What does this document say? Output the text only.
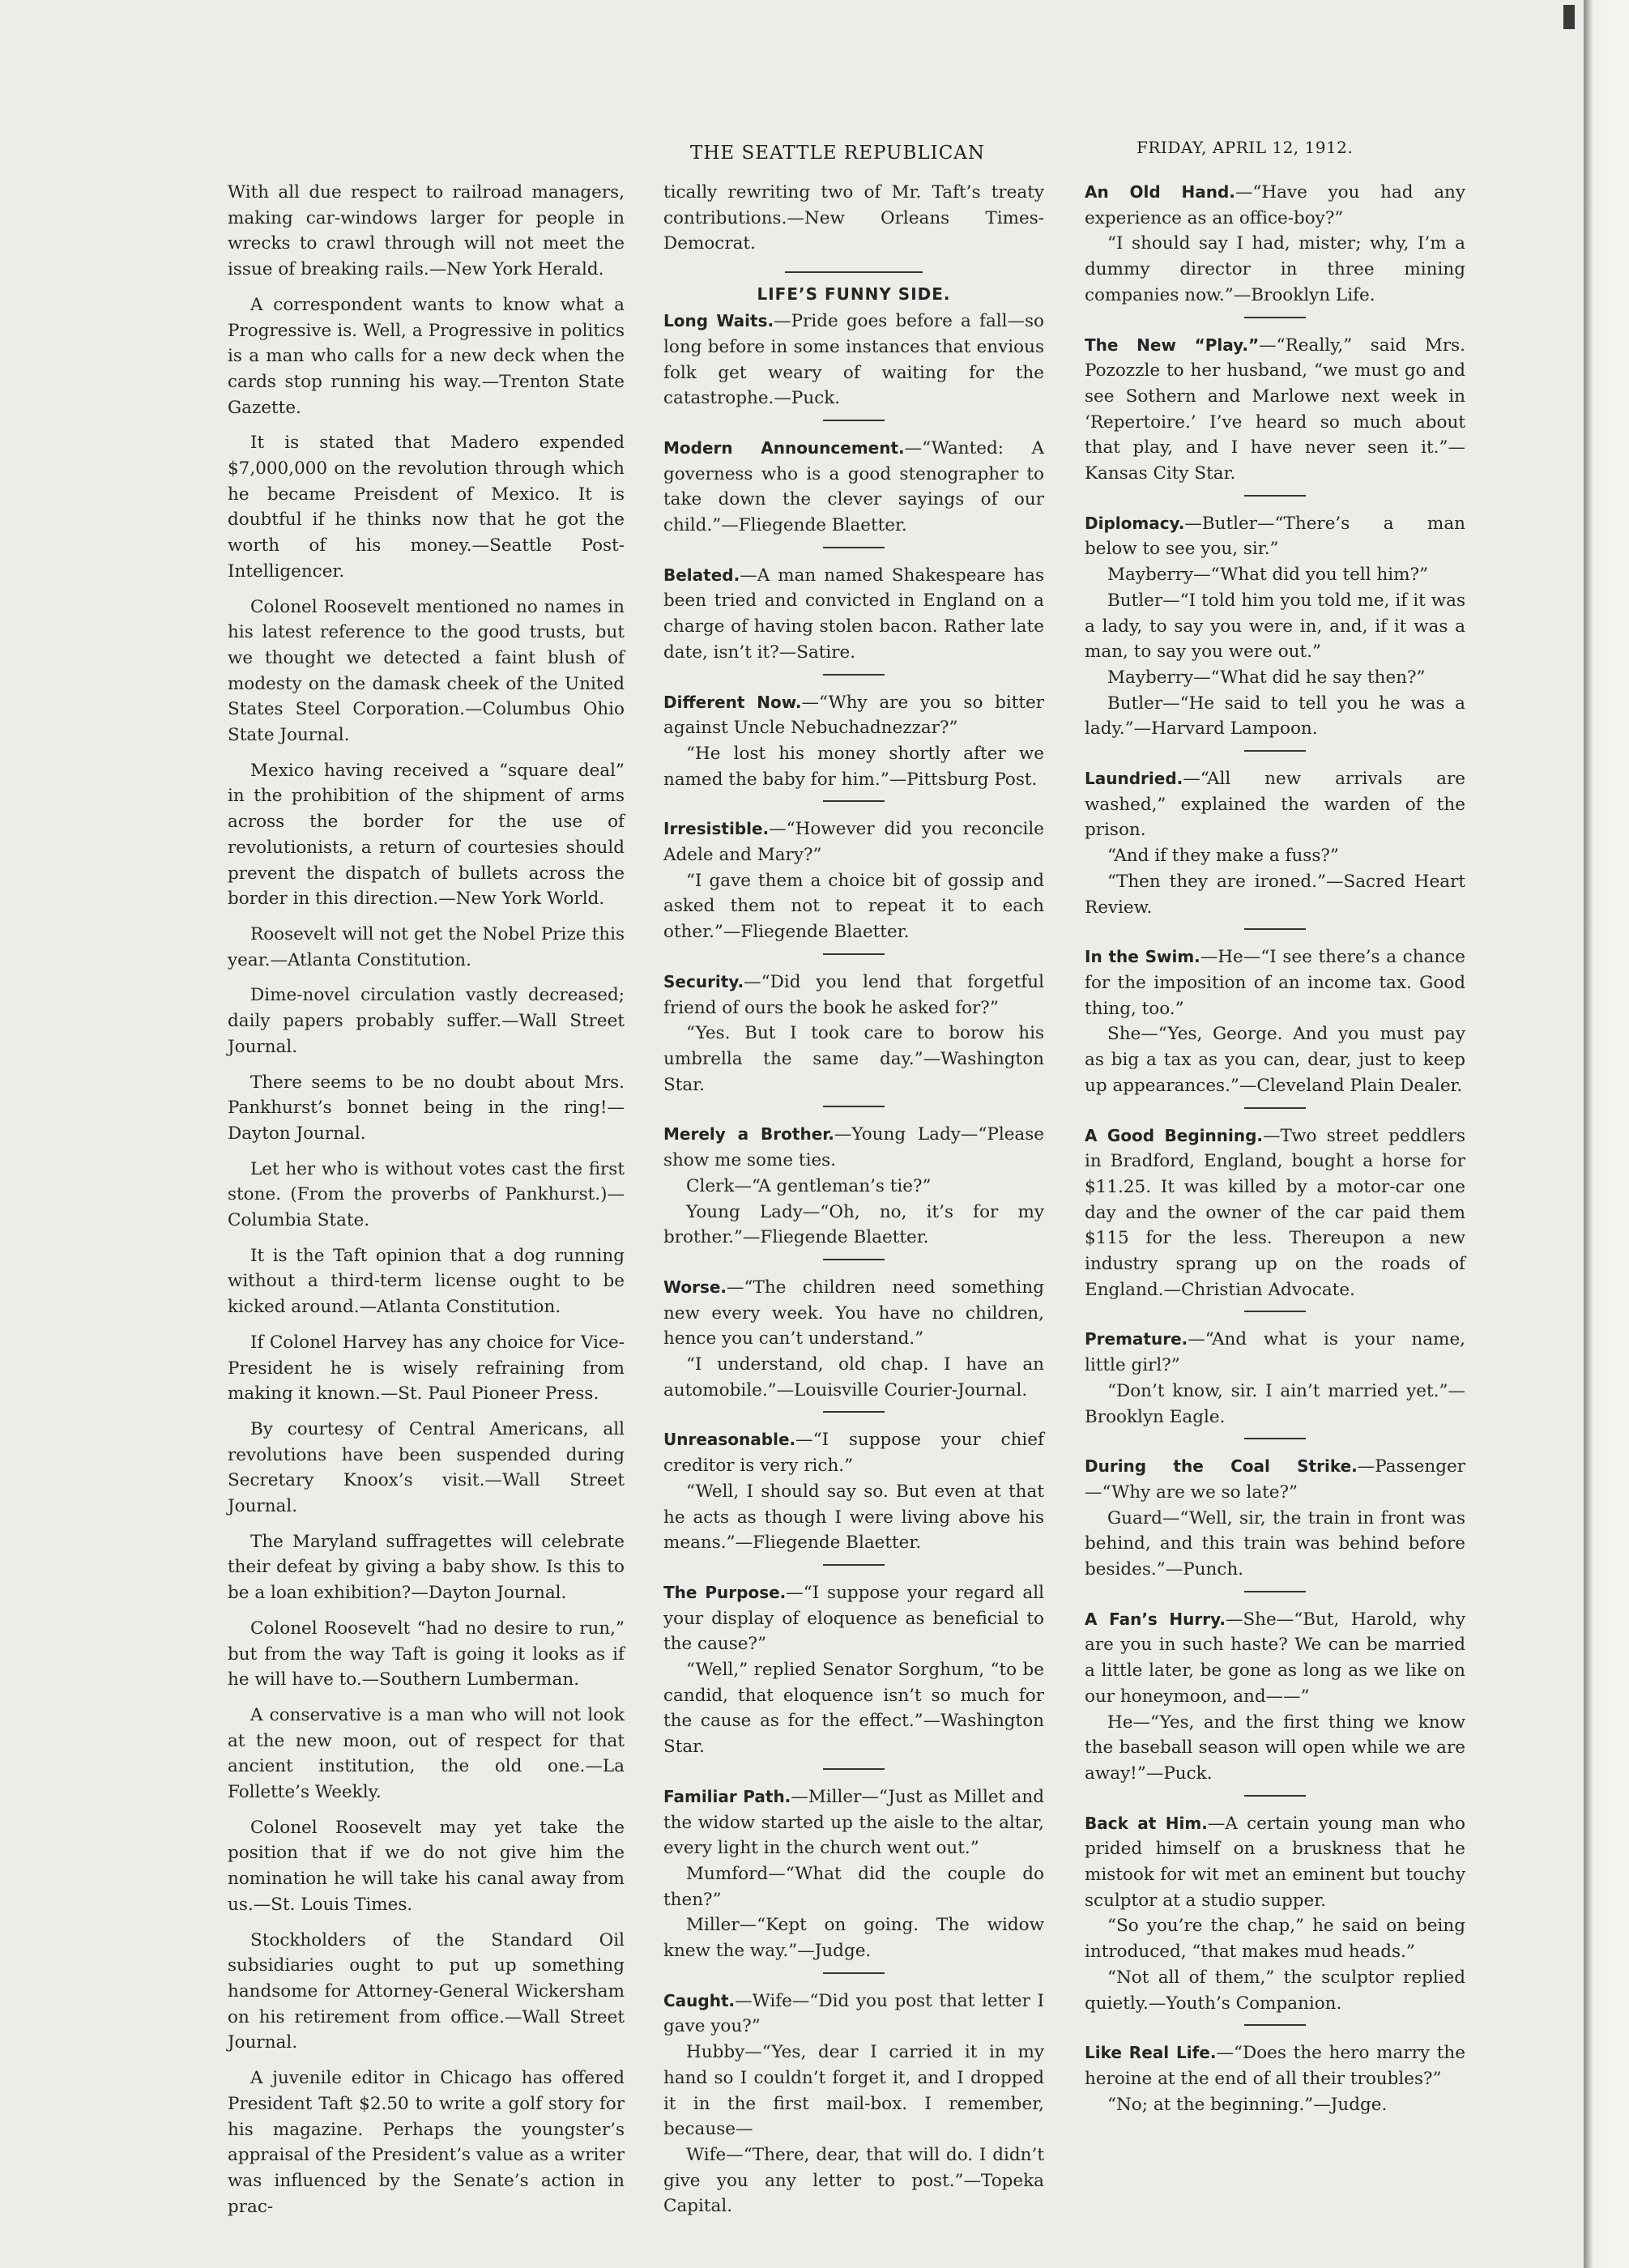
THE SEATTLE REPUBLICAN	FRIDAY, APRIL 12, 1912.

With all due respect to railroad managers, making car-windows larger for people in wrecks to crawl through will not meet the issue of breaking rails.—New York Herald.

A correspondent wants to know what a Progressive is. Well, a Progressive in politics is a man who calls for a new deck when the cards stop running his way.—Trenton State Gazette.

It is stated that Madero expended $7,000,000 on the revolution through which he became Preisdent of Mexico. It is doubtful if he thinks now that he got the worth of his money.—Seattle Post-Intelligencer.

Colonel Roosevelt mentioned no names in his latest reference to the good trusts, but we thought we detected a faint blush of modesty on the damask cheek of the United States Steel Corporation.—Columbus Ohio State Journal.

Mexico having received a “square deal” in the prohibition of the shipment of arms across the border for the use of revolutionists, a return of courtesies should prevent the dispatch of bullets across the border in this direction.—New York World.

Roosevelt will not get the Nobel Prize this year.—Atlanta Constitution.

Dime-novel circulation vastly decreased; daily papers probably suffer.—Wall Street Journal.

There seems to be no doubt about Mrs. Pankhurst’s bonnet being in the ring!—Dayton Journal.

Let her who is without votes cast the first stone. (From the proverbs of Pankhurst.)—Columbia State.

It is the Taft opinion that a dog running without a third-term license ought to be kicked around.—Atlanta Constitution.

If Colonel Harvey has any choice for Vice-President he is wisely refraining from making it known.—St. Paul Pioneer Press.

By courtesy of Central Americans, all revolutions have been suspended during Secretary Knoox’s visit.—Wall Street Journal.

The Maryland suffragettes will celebrate their defeat by giving a baby show. Is this to be a loan exhibition?—Dayton Journal.

Colonel Roosevelt “had no desire to run,” but from the way Taft is going it looks as if he will have to.—Southern Lumberman.

A conservative is a man who will not look at the new moon, out of respect for that ancient institution, the old one.—La Follette’s Weekly.

Colonel Roosevelt may yet take the position that if we do not give him the nomination he will take his canal away from us.—St. Louis Times.

Stockholders of the Standard Oil subsidiaries ought to put up something handsome for Attorney-General Wickersham on his retirement from office.—Wall Street Journal.

A juvenile editor in Chicago has offered President Taft $2.50 to write a golf story for his magazine. Perhaps the youngster’s appraisal of the President’s value as a writer was influenced by the Senate’s action in prac-

tically rewriting two of Mr. Taft’s treaty contributions.—New Orleans Times-Democrat.

LIFE’S FUNNY SIDE.

Long Waits.—Pride goes before a fall—so long before in some instances that envious folk get weary of waiting for the catastrophe.—Puck.

Modern Announcement.—“Wanted: A governess who is a good stenographer to take down the clever sayings of our child.”—Fliegende Blaetter.

Belated.—A man named Shakespeare has been tried and convicted in England on a charge of having stolen bacon. Rather late date, isn’t it?—Satire.

Different Now.—“Why are you so bitter against Uncle Nebuchadnezzar?”

“He lost his money shortly after we named the baby for him.”—Pittsburg Post.

Irresistible.—“However did you reconcile Adele and Mary?”

“I gave them a choice bit of gossip and asked them not to repeat it to each other.”—Fliegende Blaetter.

Security.—“Did you lend that forgetful friend of ours the book he asked for?”

“Yes. But I took care to borow his umbrella the same day.”—Washington Star.

Merely a Brother.—Young Lady—“Please show me some ties.

Clerk—“A gentleman’s tie?”

Young Lady—“Oh, no, it’s for my brother.”—Fliegende Blaetter.

Worse.—“The children need something new every week. You have no children, hence you can’t understand.”

“I understand, old chap. I have an automobile.”—Louisville Courier-Journal.

Unreasonable.—“I suppose your chief creditor is very rich.”

“Well, I should say so. But even at that he acts as though I were living above his means.”—Fliegende Blaetter.

The Purpose.—“I suppose your regard all your display of eloquence as beneficial to the cause?”

“Well,” replied Senator Sorghum, “to be candid, that eloquence isn’t so much for the cause as for the effect.”—Washington Star.

Familiar Path.—Miller—“Just as Millet and the widow started up the aisle to the altar, every light in the church went out.”

Mumford—“What did the couple do then?”

Miller—“Kept on going. The widow knew the way.”—Judge.

Caught.—Wife—“Did you post that letter I gave you?”

Hubby—“Yes, dear I carried it in my hand so I couldn’t forget it, and I dropped it in the first mail-box. I remember, because—

Wife—“There, dear, that will do. I didn’t give you any letter to post.”—Topeka Capital.

An Old Hand.—“Have you had any experience as an office-boy?”

“I should say I had, mister; why, I’m a dummy director in three mining companies now.”—Brooklyn Life.

The New “Play.”—“Really,” said Mrs. Pozozzle to her husband, “we must go and see Sothern and Marlowe next week in ‘Repertoire.’ I’ve heard so much about that play, and I have never seen it.”—Kansas City Star.

Diplomacy.—Butler—“There’s a man below to see you, sir.”

Mayberry—“What did you tell him?”

Butler—“I told him you told me, if it was a lady, to say you were in, and, if it was a man, to say you were out.”

Mayberry—“What did he say then?”

Butler—“He said to tell you he was a lady.”—Harvard Lampoon.

Laundried.—“All new arrivals are washed,” explained the warden of the prison.

“And if they make a fuss?”

“Then they are ironed.”—Sacred Heart Review.

In the Swim.—He—“I see there’s a chance for the imposition of an income tax. Good thing, too.”

She—“Yes, George. And you must pay as big a tax as you can, dear, just to keep up appearances.”—Cleveland Plain Dealer.

A Good Beginning.—Two street peddlers in Bradford, England, bought a horse for $11.25. It was killed by a motor-car one day and the owner of the car paid them $115 for the less. Thereupon a new industry sprang up on the roads of England.—Christian Advocate.

Premature.—“And what is your name, little girl?”

“Don’t know, sir. I ain’t married yet.”—Brooklyn Eagle.

During the Coal Strike.—Passenger—“Why are we so late?”

Guard—“Well, sir, the train in front was behind, and this train was behind before besides.”—Punch.

A Fan’s Hurry.—She—“But, Harold, why are you in such haste? We can be married a little later, be gone as long as we like on our honeymoon, and——”

He—“Yes, and the first thing we know the baseball season will open while we are away!”—Puck.

Back at Him.—A certain young man who prided himself on a bruskness that he mistook for wit met an eminent but touchy sculptor at a studio supper.

“So you’re the chap,” he said on being introduced, “that makes mud heads.”

“Not all of them,” the sculptor replied quietly.—Youth’s Companion.

Like Real Life.—“Does the hero marry the heroine at the end of all their troubles?”

“No; at the beginning.”—Judge.
